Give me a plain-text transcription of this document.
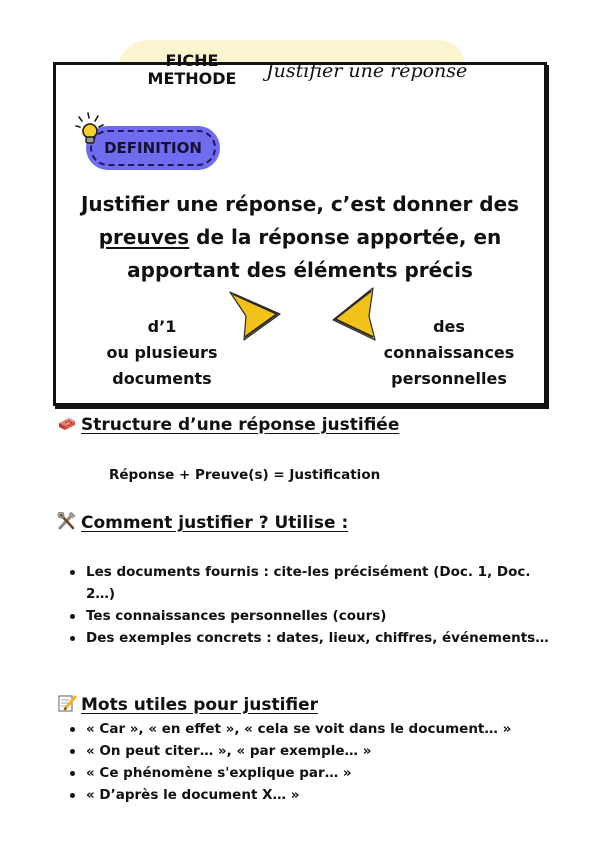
FICHE
METHODE	Justifier une réponse
DEFINITION
Justifier une réponse, c’est donner des preuves de la réponse apportée, en apportant des éléments précis
d’1
ou plusieurs
documents
des
connaissances
personnelles
Structure d’une réponse justifiée
Réponse + Preuve(s) = Justification
Comment justifier ? Utilise :
Les documents fournis : cite-les précisément (Doc. 1, Doc. 2…)
Tes connaissances personnelles (cours)
Des exemples concrets : dates, lieux, chiffres, événements…
Mots utiles pour justifier
« Car », « en effet », « cela se voit dans le document… »
« On peut citer… », « par exemple… »
« Ce phénomène s'explique par… »
« D’après le document X… »
